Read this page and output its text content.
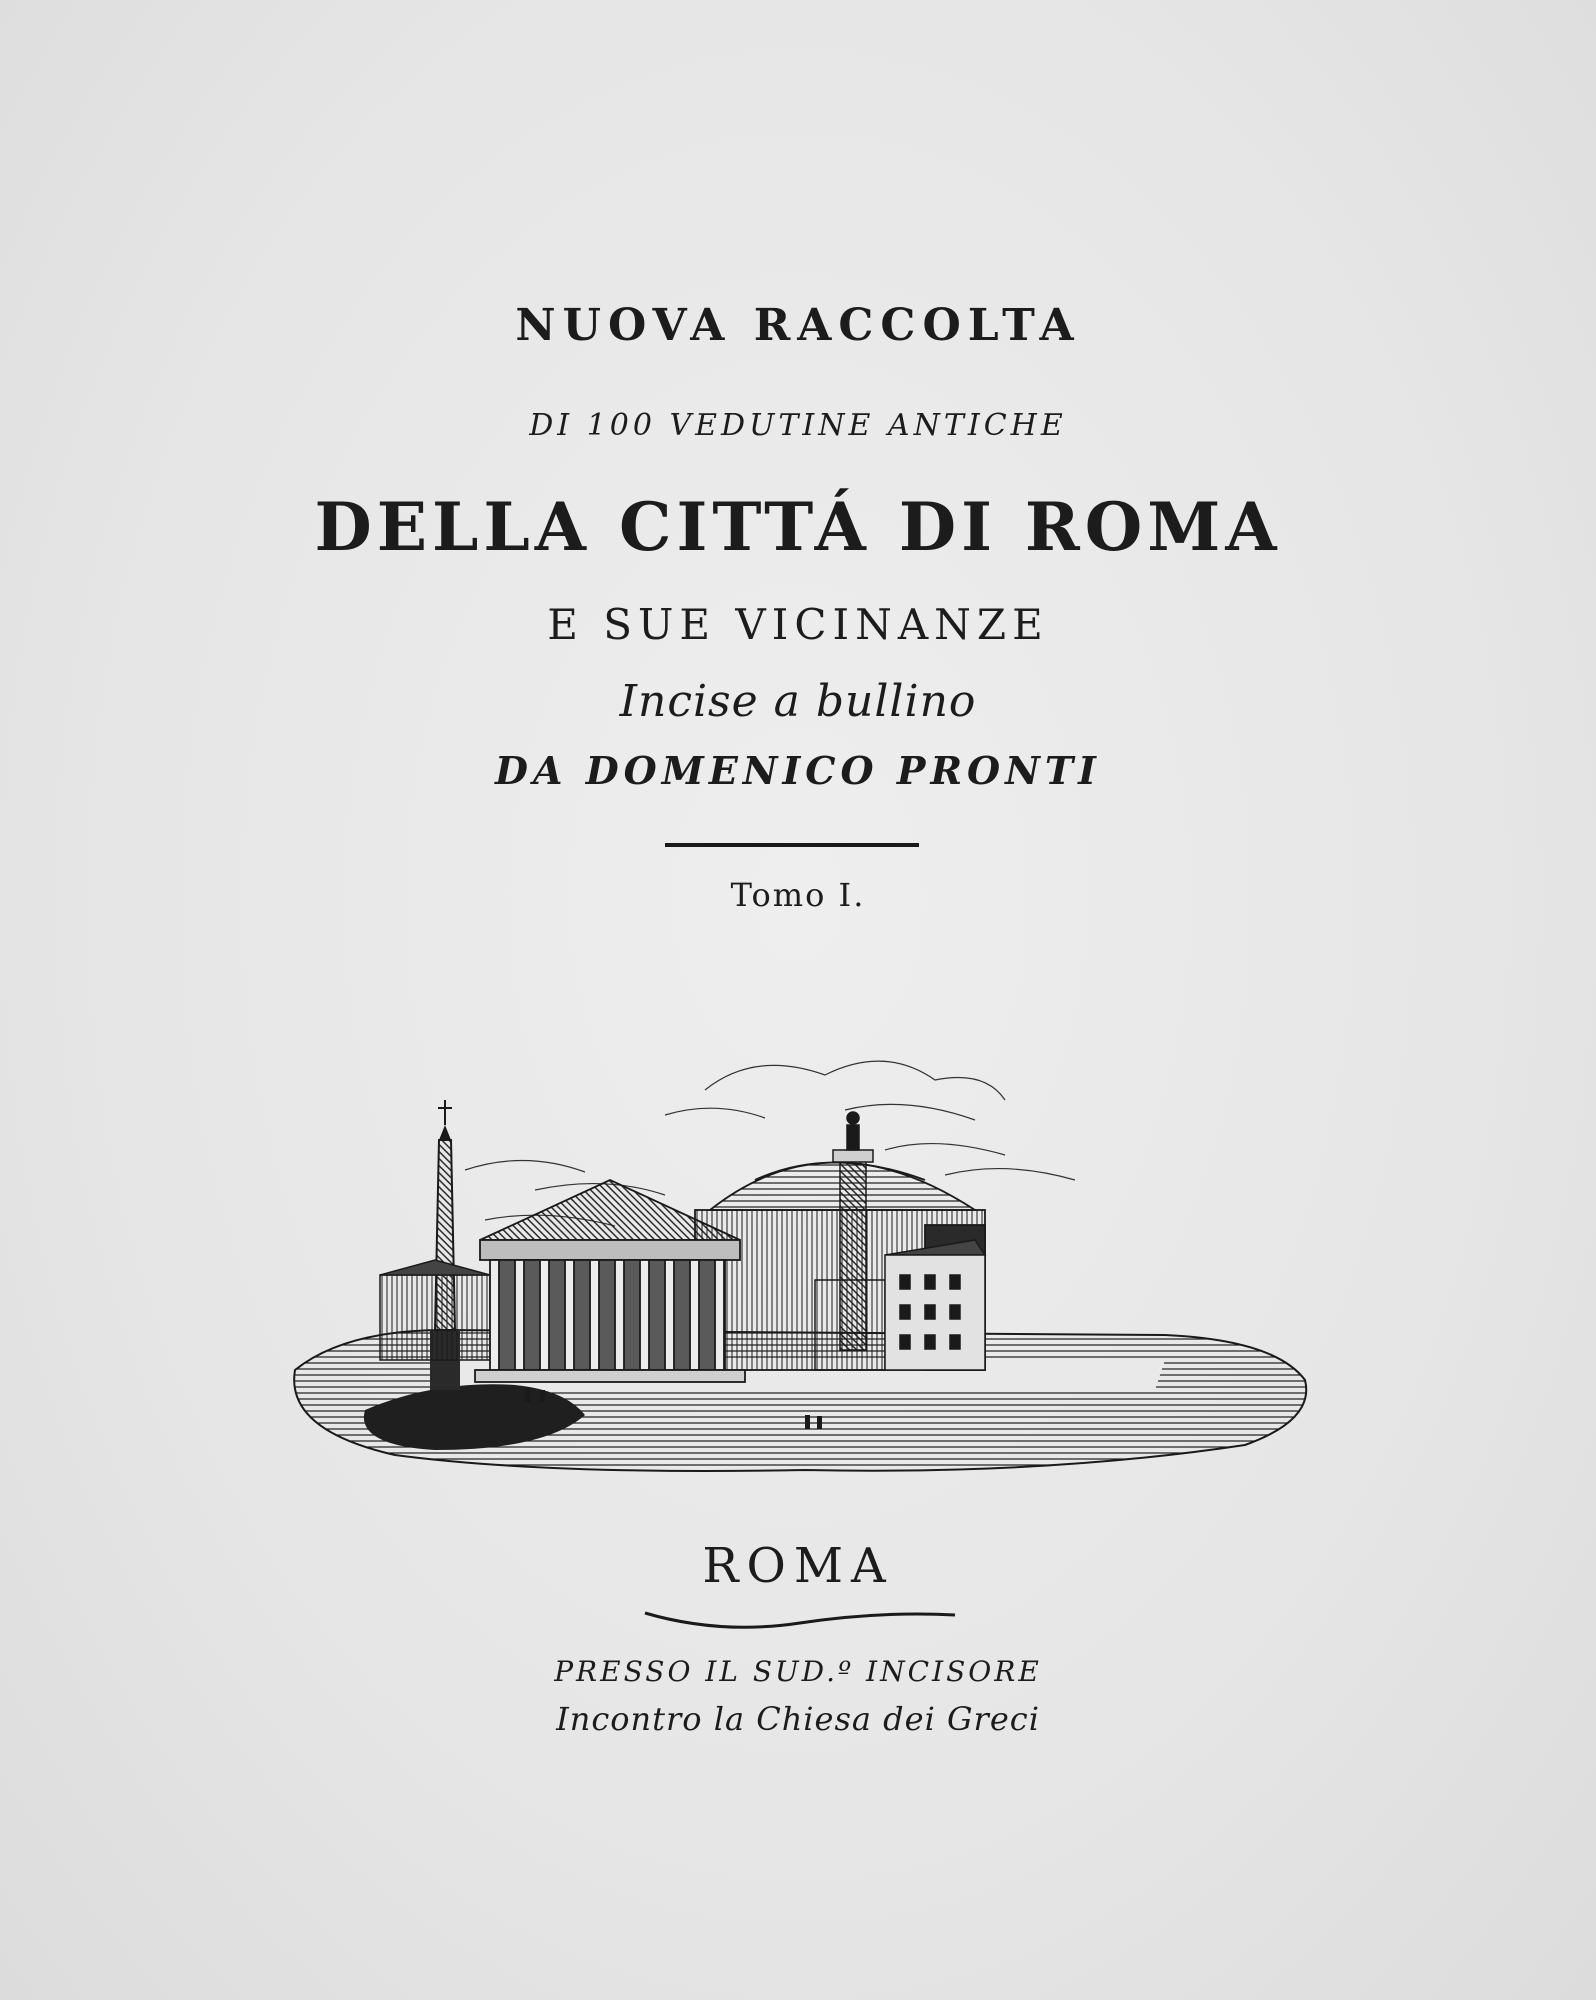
NUOVA RACCOLTA
DI 100 VEDUTINE ANTICHE
DELLA CITTÁ DI ROMA
E SUE VICINANZE
Incise a bullino
DA DOMENICO PRONTI
Tomo I.
ROMA
PRESSO IL SUD.º INCISORE
Incontro la Chiesa dei Greci
